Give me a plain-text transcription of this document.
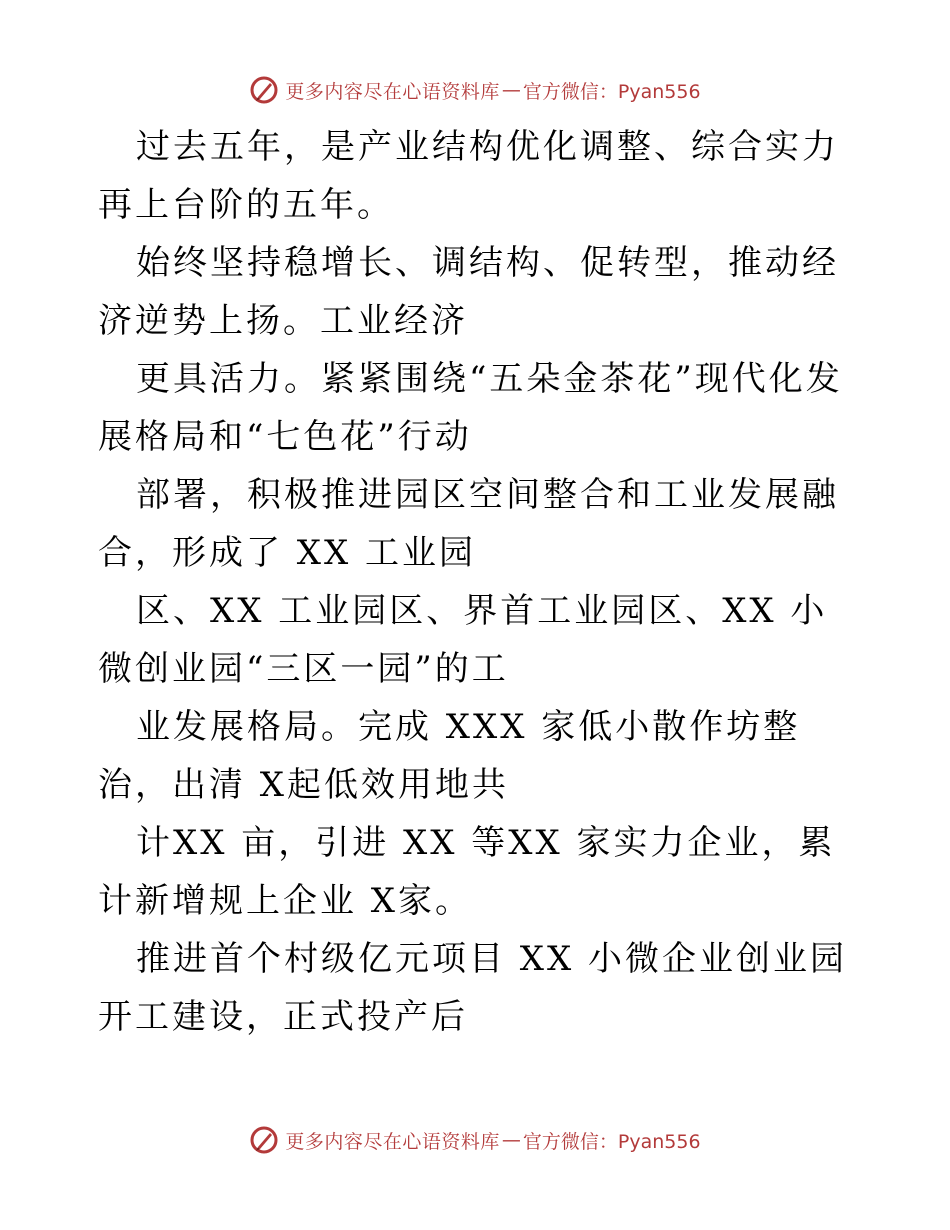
更多内容尽在心语资料库 — 官方微信：Pyan556

过去五年，是产业结构优化调整、综合实力再上台阶的五年。

始终坚持稳增长、调结构、促转型，推动经济逆势上扬。工业经济

更具活力。紧紧围绕“五朵金茶花”现代化发展格局和“七色花”行动

部署，积极推进园区空间整合和工业发展融合，形成了 XX 工业园

区、XX 工业园区、界首工业园区、XX 小微创业园“三区一园”的工

业发展格局。完成 XXX 家低小散作坊整治，出清 X起低效用地共

计XX 亩，引进 XX 等XX 家实力企业，累计新增规上企业 X家。

推进首个村级亿元项目 XX 小微企业创业园开工建设，正式投产后

更多内容尽在心语资料库 — 官方微信：Pyan556
